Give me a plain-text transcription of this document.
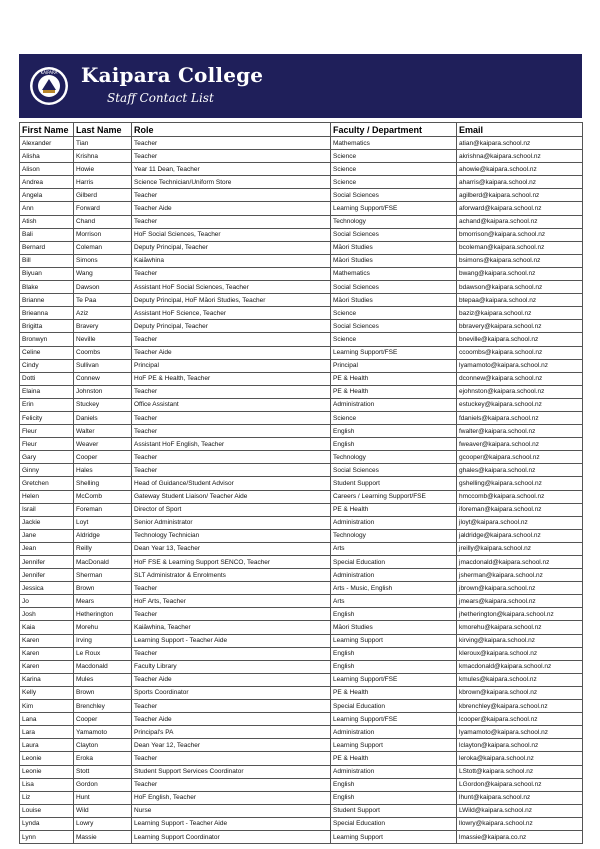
KAIPARA Kaipara College
Staff Contact List
First Name	Last Name	Role	Faculty / Department	Email
Alexander	Tian	Teacher	Mathematics	atian@kaipara.school.nz
Alisha	Krishna	Teacher	Science	akrishna@kaipara.school.nz
Alison	Howie	Year 11 Dean, Teacher	Science	ahowie@kaipara.school.nz
Andrea	Harris	Science Technician/Uniform Store	Science	aharris@kaipara.school.nz
Angela	Gilberd	Teacher	Social Sciences	agilberd@kaipara.school.nz
Ann	Forward	Teacher Aide	Learning Support/FSE	aforward@kaipara.school.nz
Atish	Chand	Teacher	Technology	achand@kaipara.school.nz
Bali	Morrison	HoF Social Sciences, Teacher	Social Sciences	bmorrison@kaipara.school.nz
Bernard	Coleman	Deputy Principal, Teacher	Māori Studies	bcoleman@kaipara.school.nz
Bill	Simons	Kaiāwhina	Māori Studies	bsimons@kaipara.school.nz
Biyuan	Wang	Teacher	Mathematics	bwang@kaipara.school.nz
Blake	Dawson	Assistant HoF Social Sciences, Teacher	Social Sciences	bdawson@kaipara.school.nz
Brianne	Te Paa	Deputy Principal, HoF Māori Studies, Teacher	Māori Studies	btepaa@kaipara.school.nz
Brieanna	Aziz	Assistant HoF Science, Teacher	Science	baziz@kaipara.school.nz
Brigitta	Bravery	Deputy Principal, Teacher	Social Sciences	bbravery@kaipara.school.nz
Bronwyn	Neville	Teacher	Science	bneville@kaipara.school.nz
Celine	Coombs	Teacher Aide	Learning Support/FSE	ccoombs@kaipara.school.nz
Cindy	Sullivan	Principal	Principal	lyamamoto@kaipara.school.nz
Dotti	Connew	HoF PE & Health, Teacher	PE & Health	dconnew@kaipara.school.nz
Elaina	Johnston	Teacher	PE & Health	ejohnston@kaipara.school.nz
Erin	Stuckey	Office Assistant	Administration	estuckey@kaipara.school.nz
Felicity	Daniels	Teacher	Science	fdaniels@kaipara.school.nz
Fleur	Walter	Teacher	English	fwalter@kaipara.school.nz
Fleur	Weaver	Assistant HoF English, Teacher	English	fweaver@kaipara.school.nz
Gary	Cooper	Teacher	Technology	gcooper@kaipara.school.nz
Ginny	Hales	Teacher	Social Sciences	ghales@kaipara.school.nz
Gretchen	Shelling	Head of Guidance/Student Advisor	Student Support	gshelling@kaipara.school.nz
Helen	McComb	Gateway Student Liaison/ Teacher Aide	Careers / Learning Support/FSE	hmccomb@kaipara.school.nz
Israil	Foreman	Director of Sport	PE & Health	iforeman@kaipara.school.nz
Jackie	Loyt	Senior Administrator	Administration	jloyt@kaipara.school.nz
Jane	Aldridge	Technology Technician	Technology	jaldridge@kaipara.school.nz
Jean	Reilly	Dean Year 13, Teacher	Arts	jreilly@kaipara.school.nz
Jennifer	MacDonald	HoF FSE & Learning Support SENCO, Teacher	Special Education	jmacdonald@kaipara.school.nz
Jennifer	Sherman	SLT Administrator & Enrolments	Administration	jsherman@kaipara.school.nz
Jessica	Brown	Teacher	Arts - Music, English	jbrown@kaipara.school.nz
Jo	Mears	HoF Arts, Teacher	Arts	jmears@kaipara.school.nz
Josh	Hetherington	Teacher	English	jhetherington@kaipara.school.nz
Kaia	Morehu	Kaiāwhina, Teacher	Māori Studies	kmorehu@kaipara.school.nz
Karen	Irving	Learning Support - Teacher Aide	Learning Support	kirving@kaipara.school.nz
Karen	Le Roux	Teacher	English	kleroux@kaipara.school.nz
Karen	Macdonald	Faculty Library	English	kmacdonald@kaipara.school.nz
Karina	Mules	Teacher Aide	Learning Support/FSE	kmules@kaipara.school.nz
Kelly	Brown	Sports Coordinator	PE & Health	kbrown@kaipara.school.nz
Kim	Brenchley	Teacher	Special Education	kbrenchley@kaipara.school.nz
Lana	Cooper	Teacher Aide	Learning Support/FSE	lcooper@kaipara.school.nz
Lara	Yamamoto	Principal's PA	Administration	lyamamoto@kaipara.school.nz
Laura	Clayton	Dean Year 12, Teacher	Learning Support	lclayton@kaipara.school.nz
Leonie	Eroka	Teacher	PE & Health	leroka@kaipara.school.nz
Leonie	Stott	Student Support Services Coordinator	Administration	LStott@kaipara.school.nz
Lisa	Gordon	Teacher	English	LGordon@kaipara.school.nz
Liz	Hunt	HoF English, Teacher	English	lhunt@kaipara.school.nz
Louise	Wild	Nurse	Student Support	LWild@kaipara.school.nz
Lynda	Lowry	Learning Support - Teacher Aide	Special Education	llowry@kaipara.school.nz
Lynn	Massie	Learning Support Coordinator	Learning Support	lmassie@kaipara.co.nz
